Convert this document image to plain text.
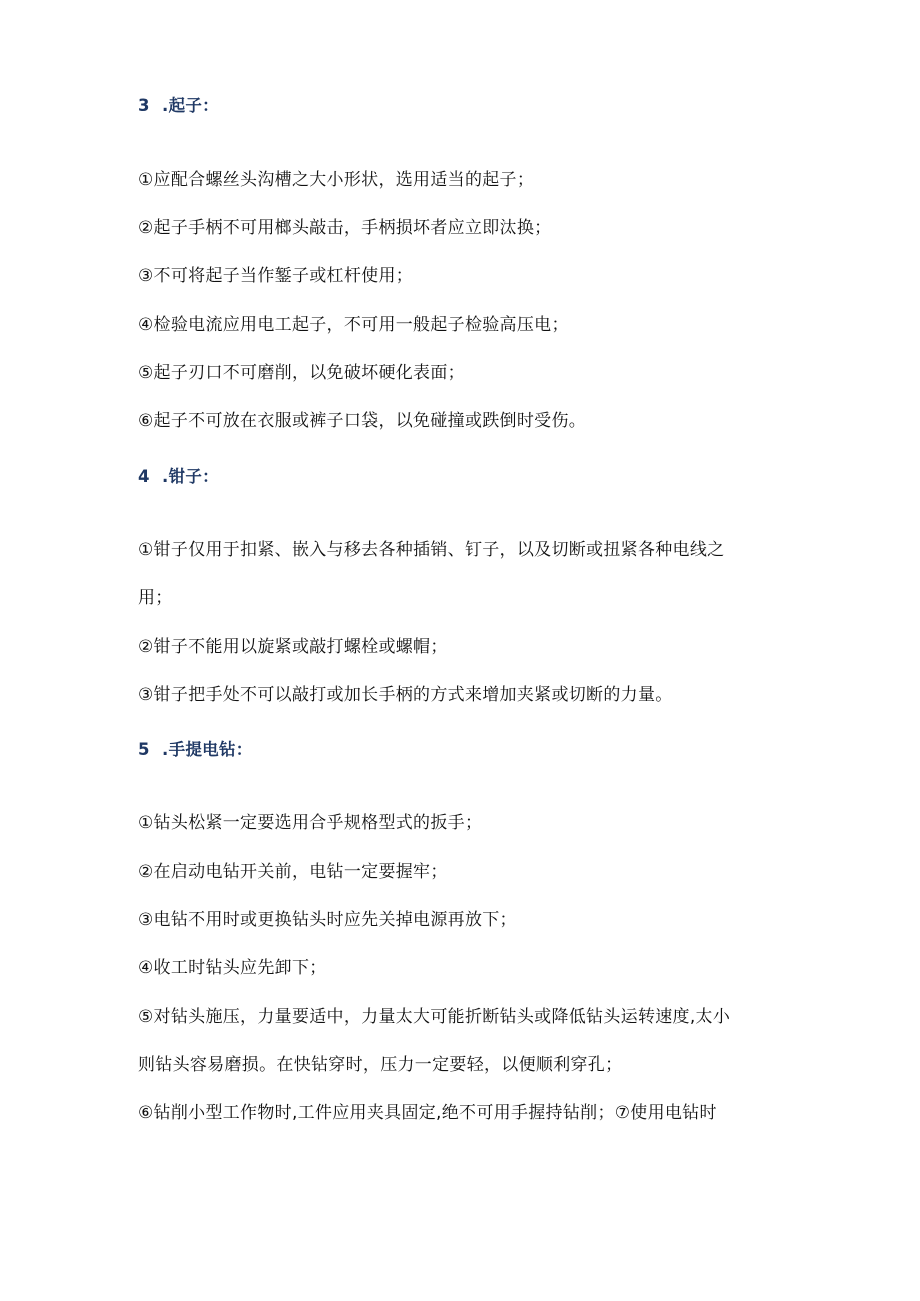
3 .起子：
①应配合螺丝头沟槽之大小形状，选用适当的起子；
②起子手柄不可用榔头敲击，手柄损坏者应立即汰换；
③不可将起子当作錾子或杠杆使用；
④检验电流应用电工起子，不可用一般起子检验高压电；
⑤起子刃口不可磨削，以免破坏硬化表面；
⑥起子不可放在衣服或裤子口袋，以免碰撞或跌倒时受伤。
4 .钳子：
①钳子仅用于扣紧、嵌入与移去各种插销、钉子，以及切断或扭紧各种电线之
用；
②钳子不能用以旋紧或敲打螺栓或螺帽；
③钳子把手处不可以敲打或加长手柄的方式来增加夹紧或切断的力量。
5 .手提电钻：
①钻头松紧一定要选用合乎规格型式的扳手；
②在启动电钻开关前，电钻一定要握牢；
③电钻不用时或更换钻头时应先关掉电源再放下；
④收工时钻头应先卸下；
⑤对钻头施压，力量要适中，力量太大可能折断钻头或降低钻头运转速度,太小
则钻头容易磨损。在快钻穿时，压力一定要轻，以便顺利穿孔；
⑥钻削小型工作物时,工件应用夹具固定,绝不可用手握持钻削；⑦使用电钻时
